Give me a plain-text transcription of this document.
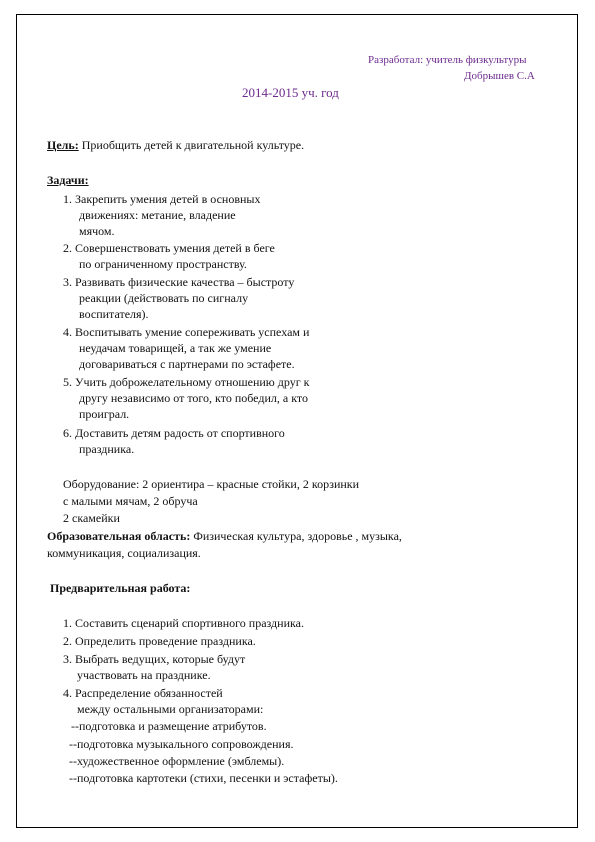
Разработал: учитель физкультуры
Добрышев С.А
2014-2015 уч. год
Цель: Приобщить детей к двигательной культуре.
Задачи:
1. Закрепить умения детей в основных
движениях: метание, владение
мячом.
2. Совершенствовать умения детей в беге
по ограниченному пространству.
3. Развивать физические качества – быстроту
реакции (действовать по сигналу
воспитателя).
4. Воспитывать умение сопереживать успехам и
неудачам товарищей, а так же умение
договариваться с партнерами по эстафете.
5. Учить доброжелательному отношению друг к
другу независимо от того, кто победил, а кто
проиграл.
6. Доставить детям радость от спортивного
праздника.
Оборудование: 2 ориентира – красные стойки, 2 корзинки
с малыми мячам, 2 обруча
2 скамейки
Образовательная область: Физическая культура, здоровье , музыка,
коммуникация, социализация.
Предварительная работа:
1. Составить сценарий спортивного праздника.
2. Определить проведение праздника.
3. Выбрать ведущих, которые будут
участвовать на празднике.
4. Распределение обязанностей
между остальными организаторами:
--подготовка и размещение атрибутов.
--подготовка музыкального сопровождения.
--художественное оформление (эмблемы).
--подготовка картотеки (стихи, песенки и эстафеты).
